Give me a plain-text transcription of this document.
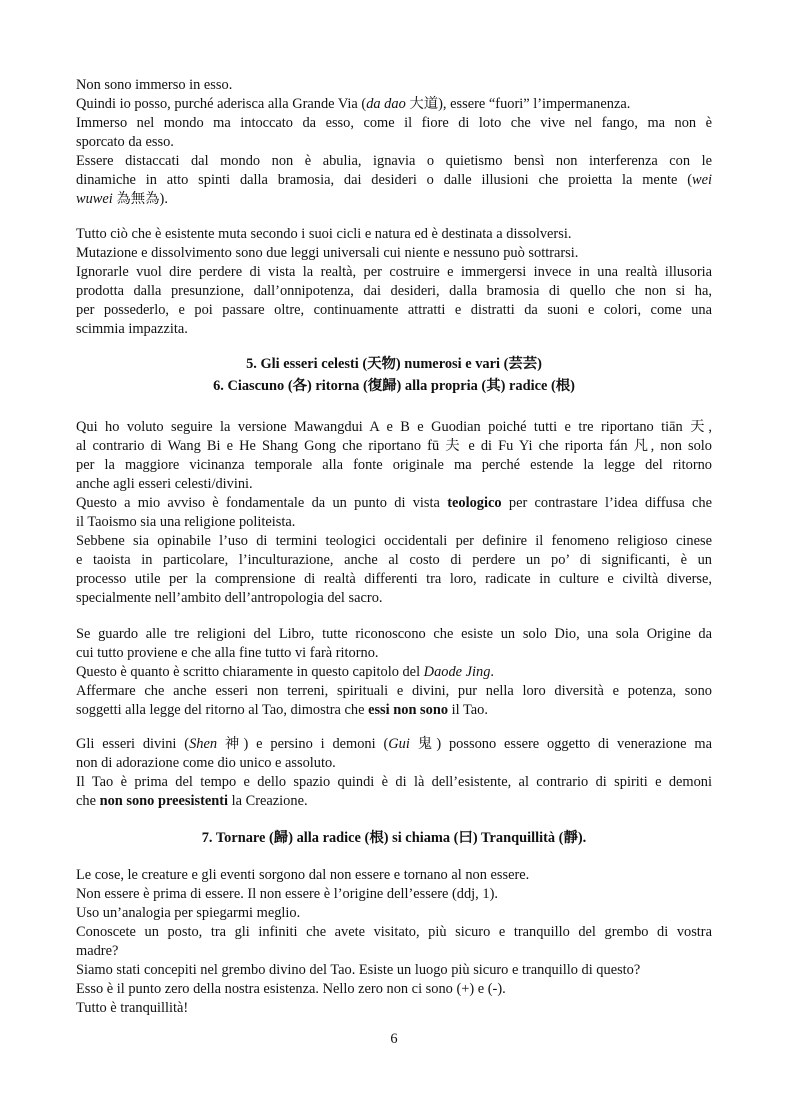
Non sono immerso in esso.
Quindi io posso, purché aderisca alla Grande Via (da dao 大道), essere “fuori” l’impermanenza.
Immerso nel mondo ma intoccato da esso, come il fiore di loto che vive nel fango, ma non è
sporcato da esso.
Essere distaccati dal mondo non è abulia, ignavia o quietismo bensì non interferenza con le
dinamiche in atto spinti dalla bramosia, dai desideri o dalle illusioni che proietta la mente (wei
wuwei 為無為).
Tutto ciò che è esistente muta secondo i suoi cicli e natura ed è destinata a dissolversi.
Mutazione e dissolvimento sono due leggi universali cui niente e nessuno può sottrarsi.
Ignorarle vuol dire perdere di vista la realtà, per costruire e immergersi invece in una realtà illusoria
prodotta dalla presunzione, dall’onnipotenza, dai desideri, dalla bramosia di quello che non si ha,
per possederlo, e poi passare oltre, continuamente attratti e distratti da suoni e colori, come una
scimmia impazzita.
5. Gli esseri celesti (天物) numerosi e vari (芸芸)
6. Ciascuno (各) ritorna (復歸) alla propria (其) radice (根)
Qui ho voluto seguire la versione Mawangdui A e B e Guodian poiché tutti e tre riportano tiān 天,
al contrario di Wang Bi e He Shang Gong che riportano fū 夫 e di Fu Yi che riporta fán 凡, non solo
per la maggiore vicinanza temporale alla fonte originale ma perché estende la legge del ritorno
anche agli esseri celesti/divini.
Questo a mio avviso è fondamentale da un punto di vista teologico per contrastare l’idea diffusa che
il Taoismo sia una religione politeista.
Sebbene sia opinabile l’uso di termini teologici occidentali per definire il fenomeno religioso cinese
e taoista in particolare, l’inculturazione, anche al costo di perdere un po’ di significanti, è un
processo utile per la comprensione di realtà differenti tra loro, radicate in culture e civiltà diverse,
specialmente nell’ambito dell’antropologia del sacro.
Se guardo alle tre religioni del Libro, tutte riconoscono che esiste un solo Dio, una sola Origine da
cui tutto proviene e che alla fine tutto vi farà ritorno.
Questo è quanto è scritto chiaramente in questo capitolo del Daode Jing.
Affermare che anche esseri non terreni, spirituali e divini, pur nella loro diversità e potenza, sono
soggetti alla legge del ritorno al Tao, dimostra che essi non sono il Tao.
Gli esseri divini (Shen 神) e persino i demoni (Gui 鬼) possono essere oggetto di venerazione ma
non di adorazione come dio unico e assoluto.
Il Tao è prima del tempo e dello spazio quindi è di là dell’esistente, al contrario di spiriti e demoni
che non sono preesistenti la Creazione.
7. Tornare (歸) alla radice (根) si chiama (曰) Tranquillità (靜).
Le cose, le creature e gli eventi sorgono dal non essere e tornano al non essere.
Non essere è prima di essere. Il non essere è l’origine dell’essere (ddj, 1).
Uso un’analogia per spiegarmi meglio.
Conoscete un posto, tra gli infiniti che avete visitato, più sicuro e tranquillo del grembo di vostra
madre?
Siamo stati concepiti nel grembo divino del Tao. Esiste un luogo più sicuro e tranquillo di questo?
Esso è il punto zero della nostra esistenza. Nello zero non ci sono (+) e (-).
Tutto è tranquillità!
6
